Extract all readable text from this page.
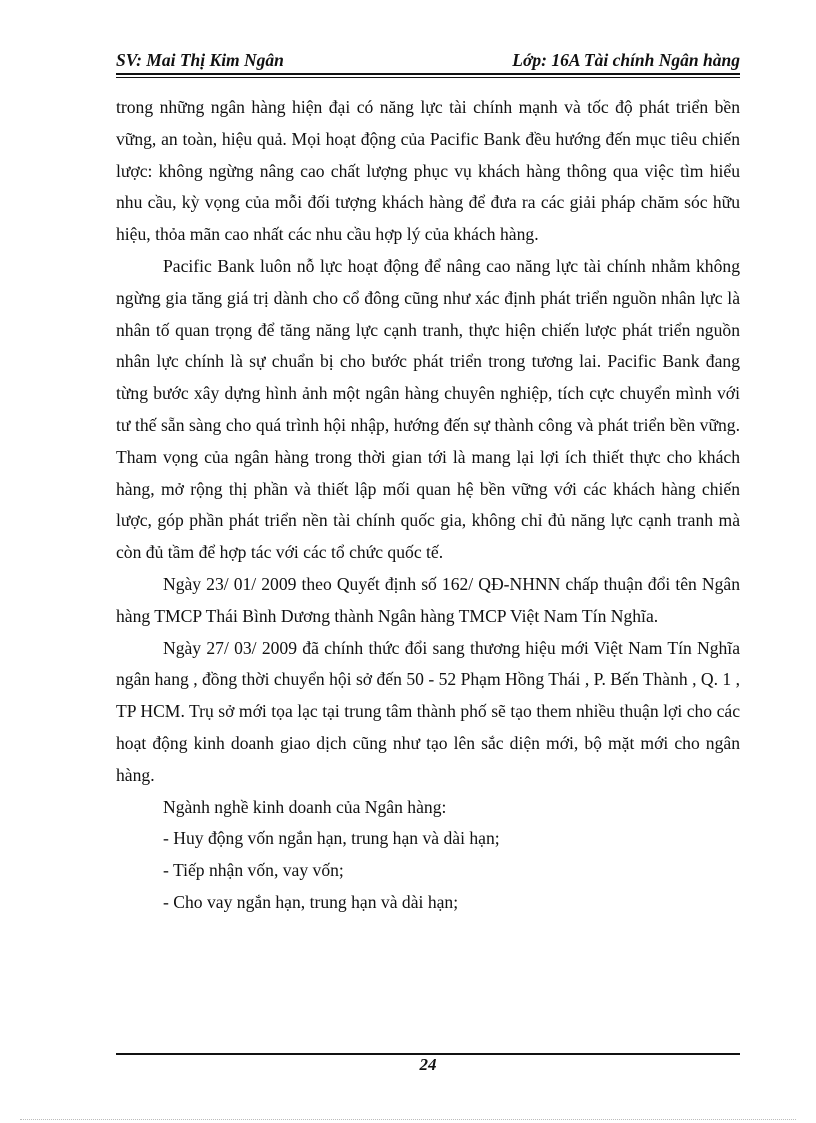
SV: Mai Thị Kim Ngân	Lớp: 16A Tài chính Ngân hàng

trong những ngân hàng hiện đại có năng lực tài chính mạnh và tốc độ phát triển bền vững, an toàn, hiệu quả. Mọi hoạt động của Pacific Bank đều hướng đến mục tiêu chiến lược: không ngừng nâng cao chất lượng phục vụ khách hàng thông qua việc tìm hiểu nhu cầu, kỳ vọng của mỗi đối tượng khách hàng để đưa ra các giải pháp chăm sóc hữu hiệu, thỏa mãn cao nhất các nhu cầu hợp lý của khách hàng.

Pacific Bank luôn nỗ lực hoạt động để nâng cao năng lực tài chính nhằm không ngừng gia tăng giá trị dành cho cổ đông cũng như xác định phát triển nguồn nhân lực là nhân tố quan trọng để tăng năng lực cạnh tranh, thực hiện chiến lược phát triển nguồn nhân lực chính là sự chuẩn bị cho bước phát triển trong tương lai. Pacific Bank đang từng bước xây dựng hình ảnh một ngân hàng chuyên nghiệp, tích cực chuyển mình với tư thế sẵn sàng cho quá trình hội nhập, hướng đến sự thành công và phát triển bền vững. Tham vọng của ngân hàng trong thời gian tới là mang lại lợi ích thiết thực cho khách hàng, mở rộng thị phần và thiết lập mối quan hệ bền vững với các khách hàng chiến lược, góp phần phát triển nền tài chính quốc gia, không chỉ đủ năng lực cạnh tranh mà còn đủ tầm để hợp tác với các tổ chức quốc tế.

Ngày 23/ 01/ 2009 theo Quyết định số 162/ QĐ-NHNN chấp thuận đổi tên Ngân hàng TMCP Thái Bình Dương thành Ngân hàng TMCP Việt Nam Tín Nghĩa.

Ngày 27/ 03/ 2009 đã chính thức đổi sang thương hiệu mới Việt Nam Tín Nghĩa ngân hang , đồng thời chuyển hội sở đến 50 - 52 Phạm Hồng Thái , P. Bến Thành , Q. 1 , TP HCM. Trụ sở mới tọa lạc tại trung tâm thành phố sẽ tạo them nhiều thuận lợi cho các hoạt động kinh doanh giao dịch cũng như tạo lên sắc diện mới, bộ mặt mới cho ngân hàng.

Ngành nghề kinh doanh của Ngân hàng:

- Huy động vốn ngắn hạn, trung hạn và dài hạn;

- Tiếp nhận vốn, vay vốn;

- Cho vay ngắn hạn, trung hạn và dài hạn;

24
